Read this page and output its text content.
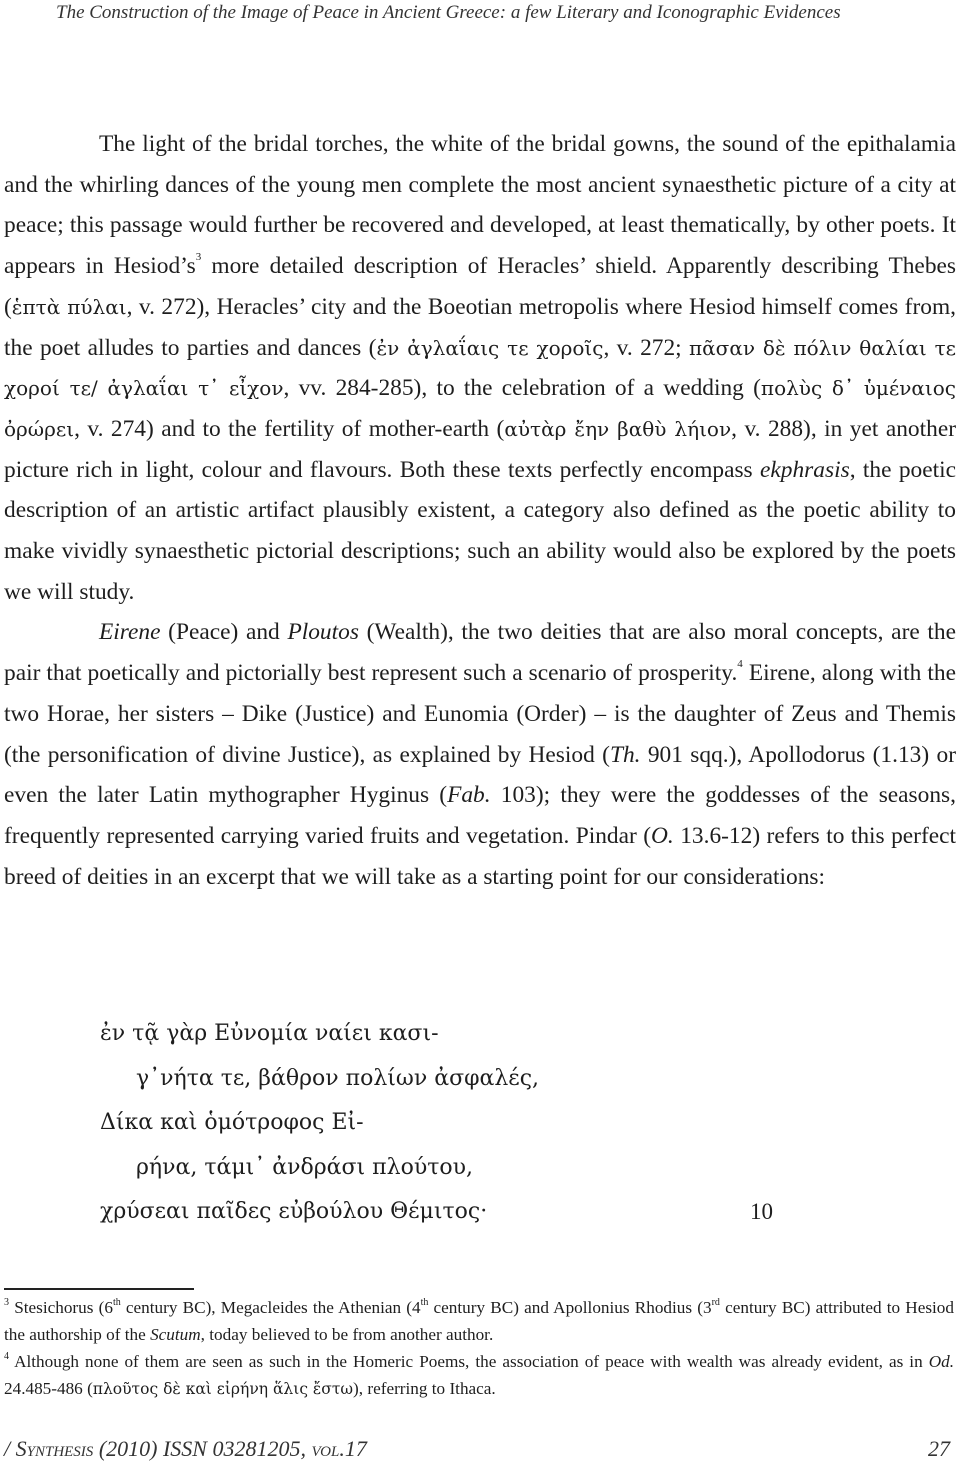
The Construction of the Image of Peace in Ancient Greece: a few Literary and Iconographic Evidences

The light of the bridal torches, the white of the bridal gowns, the sound of the epithalamia and the whirling dances of the young men complete the most ancient synaesthetic picture of a city at peace; this passage would further be recovered and developed, at least thematically, by other poets. It appears in $Hesiod’s^3$ more detailed description of Heracles’ shield. Apparently describing Thebes (ἑπτὰ πύλαι, v. 272), Heracles’ city and the Boeotian metropolis where Hesiod himself comes from, the poet alludes to parties and dances (ἐν ἀγλαΐαις τε χοροῖς, v. 272; πᾶσαν δὲ πόλιν θαλίαι τε χοροί τε/ ἀγλαΐαι τ᾽ εἶχον, vv. 284-285), to the celebration of a wedding (πολὺς δ᾽ ὑμέναιος ὀρώρει, v. 274) and to the fertility of mother-earth (αὐτὰρ ἔην βαθὺ λήιον, v. 288), in yet another picture rich in light, colour and flavours. Both these texts perfectly encompass ekphrasis, the poetic description of an artistic artifact plausibly existent, a category also defined as the poetic ability to make vividly synaesthetic pictorial descriptions; such an ability would also be explored by the poets we will study.

Eirene (Peace) and Ploutos (Wealth), the two deities that are also moral concepts, are the pair that poetically and pictorially best represent such a scenario of prosperity.$^4$ Eirene, along with the two Horae, her sisters – Dike (Justice) and Eunomia (Order) – is the daughter of Zeus and Themis (the personification of divine Justice), as explained by Hesiod (Th. 901 sqq.), Apollodorus (1.13) or even the later Latin mythographer Hyginus (Fab. 103); they were the goddesses of the seasons, frequently represented carrying varied fruits and vegetation. Pindar (O. 13.6-12) refers to this perfect breed of deities in an excerpt that we will take as a starting point for our considerations:

ἐν τᾷ γὰρ Εὐνομία ναίει κασι-
γ᾽νήτα τε, βάθρον πολίων ἀσφαλές,
Δίκα καὶ ὁμότροφος Εἰ-
ρήνα, τάμι᾽ ἀνδράσι πλούτου,
χρύσεαι παῖδες εὐβούλου Θέμιτος·	10

$^3$ Stesichorus (6th century BC), Megacleides the Athenian (4th century BC) and Apollonius Rhodius (3rd century BC) attributed to Hesiod the authorship of the Scutum, today believed to be from another author.

$^4$ Although none of them are seen as such in the Homeric Poems, the association of peace with wealth was already evident, as in Od. 24.485-486 (πλοῦτος δὲ καὶ εἰρήνη ἅλις ἔστω), referring to Ithaca.

/ Synthesis (2010) ISSN 03281205, vol.17	27
